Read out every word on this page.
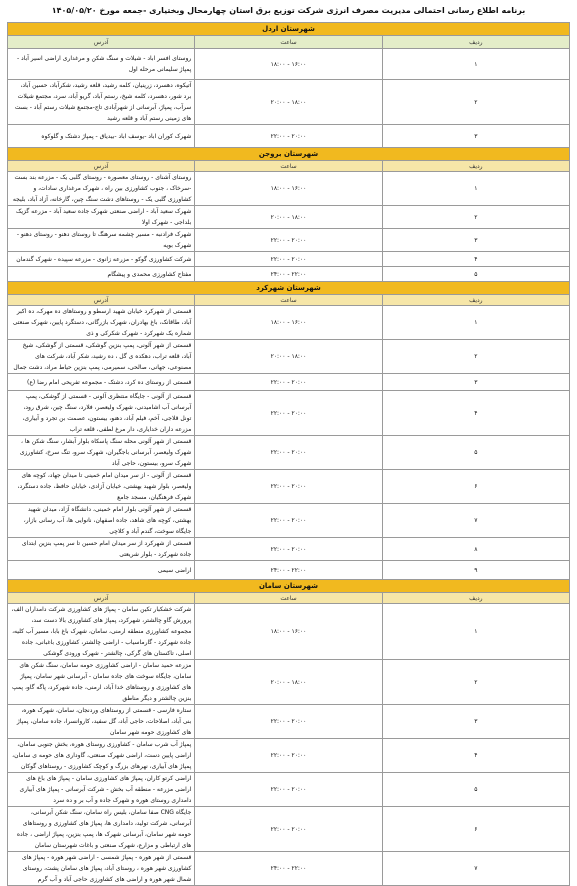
برنامه اطلاع رسانی احتمالی مدیریت مصرف انرژی شرکت توزیع برق استان چهارمحال وبختیاری -جمعه مورخ ۱۴۰۵/۰۵/۲۰
شهرستان اردل		
ردیف	ساعت	آدرس
۱	۱۸:۰۰ - ۱۶:۰۰	روستای افسر اباد - شیلات و سنگ شکن و مرغداری اراضی اسیر آباد - پمپاژ سلیمانی مرحله اول
۲	۲۰:۰۰ - ۱۸:۰۰	آتیکوه، دهسرد، زرینیان، کلمه رشید، قلعه رشید، شکرآباد، حسین آباد، برد شور، دهسرد، کلمه شیخ، رستم آباد، گریو آباد، سرد، مجتمع شیلات سرآب، پمپاژ، آبرسانی از شهرآبادی تاج-مجتمع شیلات رستم آباد - بست های زمینی رستم آباد و قلعه رشید
۳	۲۲:۰۰ - ۲۰:۰۰	شهرک کوران اباد -یوسف اباد -بیدیاق - پمپاژ دشتک و گلوکوه
شهرستان بروجن		
ردیف	ساعت	آدرس
۱	۱۸:۰۰ - ۱۶:۰۰	روستای آشنای - روستای معصوره - روستای گلبی یک - مزرعه بند بست -سرخاک ، جنوب کشاورزی بین راه ، شهرک مرغداری سادات، و کشاورزی گلبی یک - روستاهای دشت سنگ چین، گارخانه، آزاد آباد، بلیجه
۲	۲۰:۰۰ - ۱۸:۰۰	شهرک سعید آباد - اراضی صنعتی شهرک جاده سعید آباد - مزرعه گزیک بلداجی - شهرک اولا
۳	۲۲:۰۰ - ۲۰:۰۰	شهرک فرادنبه - مسیر چشمه سرهنگ تا روستای دهنو - روستای دهنو - شهرک بویه
۴	۲۲:۰۰ - ۲۰:۰۰	شرکت کشاورزی گوکو - مزرعه زانوی - مزرعه سپیده - شهرک گندمان
۵	۲۴:۰۰ - ۲۲:۰۰	مفتاح کشاورزی محمدی و پیشگام
شهرستان شهرکرد		
ردیف	ساعت	آدرس
۱	۱۸:۰۰ - ۱۶:۰۰	قسمتی از شهرکرد خیابان شهید ارسطو و روستاهای ده مهرک، ده اکبر آباد، طاقانک، باغ بهادران، شهرک بازرگانی، دستگرد پایین، شهرک صنعتی شماره یک شهرکرد - شهرک شکرکی و ذی
۲	۲۰:۰۰ - ۱۸:۰۰	قسمتی از شهر آلونی، پمپ بنزین گوشکی، قسمتی از گوشکی، شیخ آباد، قلعه تراب، دهکده ی گل ، ده رشید، شکر آباد، شرکت های مصنوعی، جهانی، صالحی، سمیرمی، پمپ بنزین حیاط مراد، دشت جمال
۳	۲۲:۰۰ - ۲۰:۰۰	قسمتی از روستای ده کرد، دشتک - مجموعه تفریحی امام رضا (ع)
۴	۲۲:۰۰ - ۲۰:۰۰	قسمتی از آلونی - جایگاه منتظری آلونی - قسمتی از گوشکی، پمپ آبرسانی آب اشامیدنی، شهرک ولیعصر، فلارد، سنگ چین، شرق رود، تونل قلاجی، آخم، فیلم آباد، دهنو، بیستون، عصمت بن تجرد و آبیاری، مزرعه داران خدایاری، دار مرغ لطفی، قلعه تراب
۵	۲۲:۰۰ - ۲۰:۰۰	قسمتی از شهر آلونی محله سنگ پاسکاه بلوار آبشار، سنگ شکن ها ، شهرک ولیعصر، آبرسانی باجگیران، شهرک سرو، تنگ سرخ، کشاورزی شهرک سرو، بیستون، حاجی آباد
۶	۲۲:۰۰ - ۲۰:۰۰	قسمتی از آلونی - از سر میدان امام خمینی تا میدان جهاد، کوچه های ولیعصر، بلوار شهید بهشتی، خیابان آزادی، خیابان حافظ، جاده دستگرد، شهرک فرهنگیان، مسجد جامع
۷	۲۲:۰۰ - ۲۰:۰۰	قسمتی از شهر آلونی بلوار امام خمینی، دانشگاه آزاد، میدان شهید بهشتی، کوچه های شاهد، جاده اصفهان، نانوایی ها، آب رسانی بازار، جایگاه سوخت، گندم آباد و کلاچی
۸	۲۲:۰۰ - ۲۰:۰۰	قسمتی از شهرکرد از سر میدان امام حسین تا سر پمپ بنزین ابتدای جاده شهرکرد - بلوار شریعتی
۹	۲۴:۰۰ - ۲۲:۰۰	اراضی سیمی
شهرستان سامان		
ردیف	ساعت	آدرس
۱	۱۸:۰۰ - ۱۶:۰۰	شرکت خشکبار تکین سامان - پمپاژ های کشاورزی شرکت دامداران الف، پرورش گاو چالشتر، شهرکرد، پمپاژ های کشاورزی بالا دست سد، مجموعه کشاورزی منطقه ارمنی، سامان، شهرک باغ بابا، مسیر آب کلیه، جاده شهرکرد - گارماسیاب - اراضی چالشتر، کشاورزی باغبانی، جاده اصلی، تاکستان های گرکی، چالشتر - شهرک ورودی گوشکی
۲	۲۰:۰۰ - ۱۸:۰۰	مزرعه حمید سامان - اراضی کشاورزی حومه سامان، سنگ شکن های سامان، جایگاه سوخت های جاده سامان - آبرسانی شهر سامان، پمپاژ های کشاورزی و روستاهای خدا آباد، ارمنی، جاده شهرکرد، پاگه گاو، پمپ بنزین چالشتر و دیگر مناطق
۳	۲۲:۰۰ - ۲۰:۰۰	ستاره فارسی - قسمتی از روستاهای وردنجان، سامان، شهرک هوره، بنی آباد، اصلاحات، حاجی آباد، گل سفید، کاروانسرا، جاده سامان، پمپاژ های کشاورزی حومه شهر سامان
۴	۲۲:۰۰ - ۲۰:۰۰	پمپاژ آب شرب سامان - کشاورزی روستای هوره، بخش جنوبی سامان، اراضی پایین دست، اراضی شهرک صنعتی، گاوداری های حومه ی سامان، پمپاژ های آبیاری، نهرهای بزرگ و کوچک کشاورزی - روستاهای گوکان
۵	۲۲:۰۰ - ۲۰:۰۰	اراضی کرتو کاران، پمپاژ های کشاورزی سامان - پمپاژ های باغ های اراضی مزرعه - منطقه آب بخش - شرکت آبرسانی - پمپاژ های آبیاری دامداری روستای هوره و شهرک جاده و آب بر و ده سرد
۶	۲۲:۰۰ - ۲۰:۰۰	جایگاه CNG صفا سامان، بلیس راه سامان، سنگ شکن آبرسانی، آبرسانی، شرکت تولید، دامداری ها، پمپاژ های کشاورزی و روستاهای حومه شهر سامان، آبرسانی شهرک ها، پمپ بنزین، پمپاژ اراضی ، جاده های ارتباطی و مزارع، شهرک صنعتی و باغات شهرستان سامان
۷	۲۴:۰۰ - ۲۲:۰۰	قسمتی از شهر هوره - پمپاژ شمسی - اراضی شهر هوره - پمپاژ های کشاورزی شهر هوره ، روستای آباد، پمپاژ های سامان پشت، روستای شمال شهر هوره و اراضی های کشاورزی حاجی آباد و آب گرم
